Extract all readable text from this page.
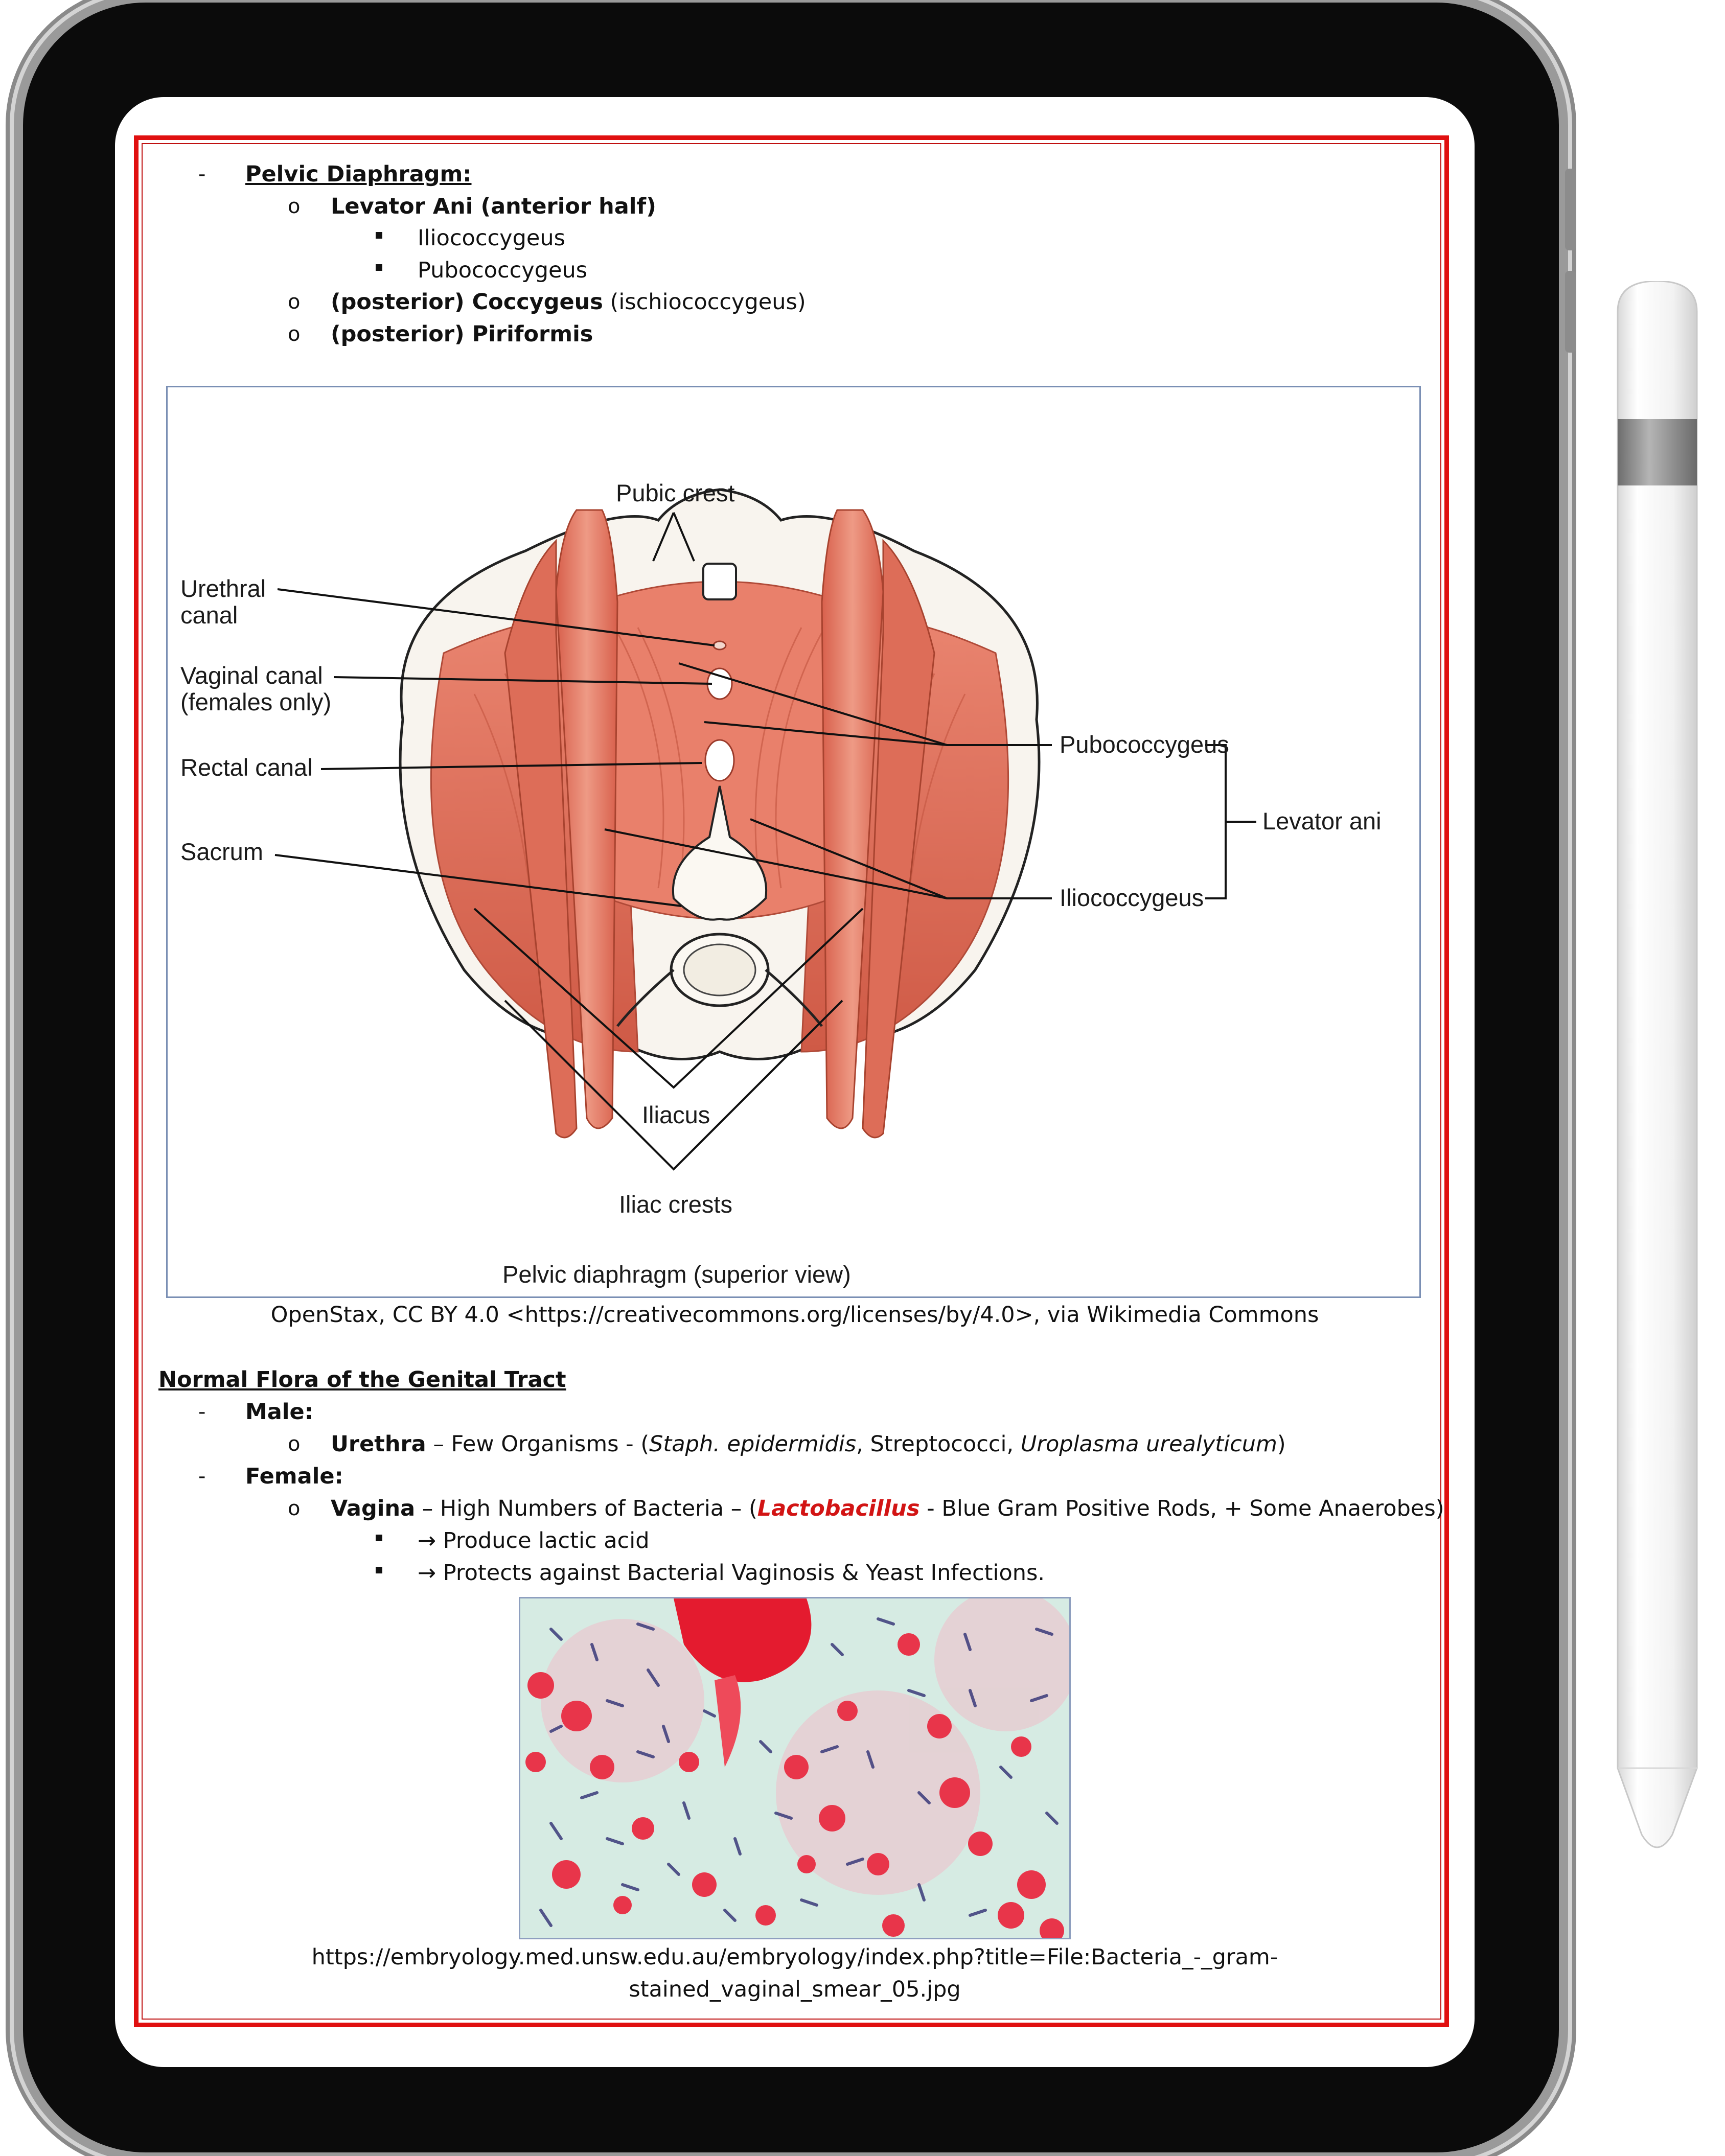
- Pelvic Diaphragm:
o Levator Ani (anterior half)
Iliococcygeus
Pubococcygeus
o (posterior) Coccygeus (ischiococcygeus)
o (posterior) Piriformis
Pubic crest
Urethral
canal
Vaginal canal
(females only)
Rectal canal
Sacrum
Pubococcygeus
Levator ani
Iliococcygeus
Iliacus
Iliac crests
Pelvic diaphragm (superior view)
OpenStax, CC BY 4.0 <https://creativecommons.org/licenses/by/4.0>, via Wikimedia Commons
Normal Flora of the Genital Tract
- Male:
o Urethra – Few Organisms - (Staph. epidermidis, Streptococci, Uroplasma urealyticum)
- Female:
o Vagina – High Numbers of Bacteria – (Lactobacillus - Blue Gram Positive Rods, + Some Anaerobes)
→ Produce lactic acid
→ Protects against Bacterial Vaginosis & Yeast Infections.
https://embryology.med.unsw.edu.au/embryology/index.php?title=File:Bacteria_-_gram-
stained_vaginal_smear_05.jpg
